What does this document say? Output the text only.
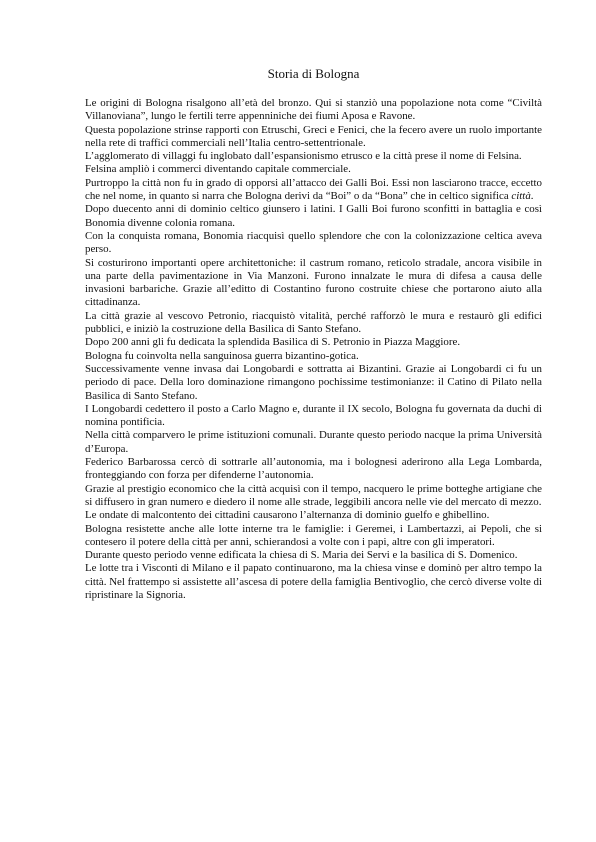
Storia di Bologna

Le origini di Bologna risalgono all’età del bronzo. Qui si stanziò una popolazione nota come “Civiltà Villanoviana”, lungo le fertili terre appenniniche dei fiumi Aposa e Ravone.

Questa popolazione strinse rapporti con Etruschi, Greci e Fenici, che la fecero avere un ruolo importante nella rete di traffici commerciali nell’Italia centro-settentrionale.

L’agglomerato di villaggi fu inglobato dall’espansionismo etrusco e la città prese il nome di Felsina.

Felsina ampliò i commerci diventando capitale commerciale.

Purtroppo la città non fu in grado di opporsi all’attacco dei Galli Boi. Essi non lasciarono tracce, eccetto che nel nome, in quanto si narra che Bologna derivi da “Boi” o da “Bona” che in celtico significa città.

Dopo duecento anni di dominio celtico giunsero i latini. I Galli Boi furono sconfitti in battaglia e così Bonomia divenne colonia romana.

Con la conquista romana, Bonomia riacquisì quello splendore che con la colonizzazione celtica aveva perso.

Si costurirono importanti opere architettoniche: il castrum romano, reticolo stradale, ancora visibile in una parte della pavimentazione in Via Manzoni. Furono innalzate le mura di difesa a causa delle invasioni barbariche. Grazie all’editto di Costantino furono costruite chiese che portarono aiuto alla cittadinanza.

La città grazie al vescovo Petronio, riacquistò vitalità, perché rafforzò le mura e restaurò gli edifici pubblici, e iniziò la costruzione della Basilica di Santo Stefano.

Dopo 200 anni gli fu dedicata la splendida Basilica di S. Petronio in Piazza Maggiore.

Bologna fu coinvolta nella sanguinosa guerra bizantino-gotica.

Successivamente venne invasa dai Longobardi e sottratta ai Bizantini. Grazie ai Longobardi ci fu un periodo di pace. Della loro dominazione rimangono pochissime testimonianze: il Catino di Pilato nella Basilica di Santo Stefano.

I Longobardi cedettero il posto a Carlo Magno e, durante il IX secolo, Bologna fu governata da duchi di nomina pontificia.

Nella città comparvero le prime istituzioni comunali. Durante questo periodo nacque la prima Università d’Europa.

Federico Barbarossa cercò di sottrarle all’autonomia, ma i bolognesi aderirono alla Lega Lombarda, fronteggiando con forza per difenderne l’autonomia.

Grazie al prestigio economico che la città acquisì con il tempo, nacquero le prime botteghe artigiane che si diffusero in gran numero e diedero il nome alle strade, leggibili ancora nelle vie del mercato di mezzo.

Le ondate di malcontento dei cittadini causarono l’alternanza di dominio guelfo e ghibellino.

Bologna resistette anche alle lotte interne tra le famiglie: i Geremei, i Lambertazzi, ai Pepoli, che si contesero il potere della città per anni, schierandosi a volte con i papi, altre con gli imperatori.

Durante questo periodo venne edificata la chiesa di S. Maria dei Servi e la basilica di S. Domenico.

Le lotte tra i Visconti di Milano e il papato continuarono, ma la chiesa vinse e dominò per altro tempo la città. Nel frattempo si assistette all’ascesa di potere della famiglia Bentivoglio, che cercò diverse volte di ripristinare la Signoria.
